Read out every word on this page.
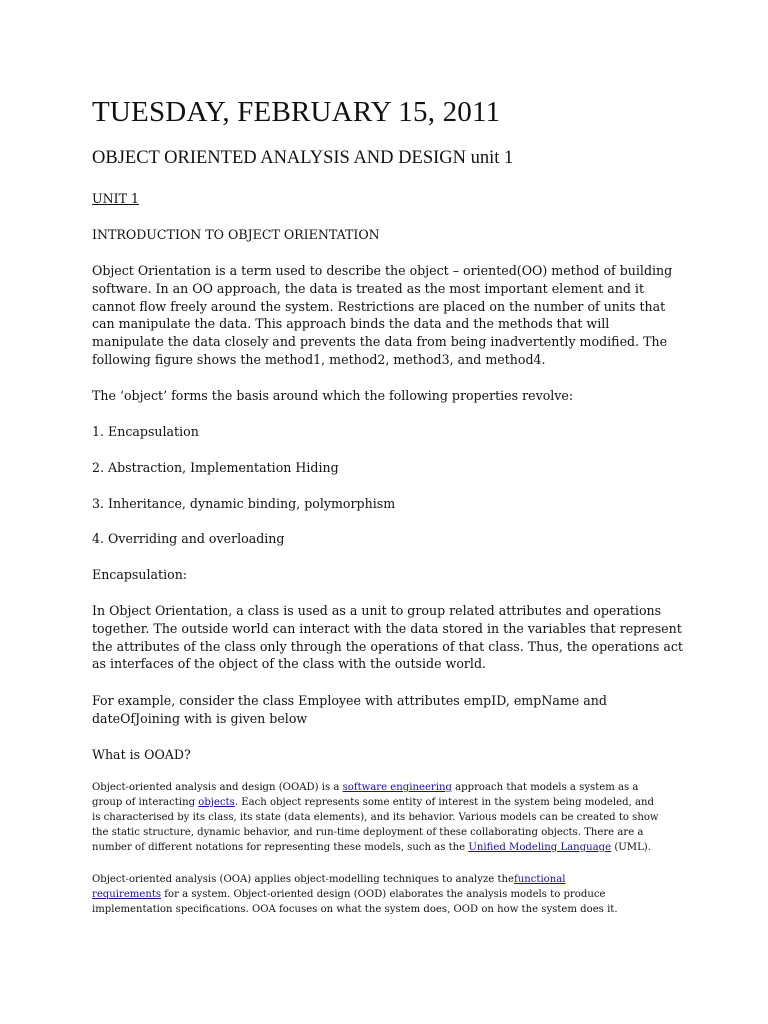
TUESDAY, FEBRUARY 15, 2011
OBJECT ORIENTED ANALYSIS AND DESIGN unit 1

UNIT 1

INTRODUCTION TO OBJECT ORIENTATION

Object Orientation is a term used to describe the object – oriented(OO) method of building
software. In an OO approach, the data is treated as the most important element and it
cannot flow freely around the system. Restrictions are placed on the number of units that
can manipulate the data. This approach binds the data and the methods that will
manipulate the data closely and prevents the data from being inadvertently modified. The
following figure shows the method1, method2, method3, and method4.

The ‘object’ forms the basis around which the following properties revolve:

1. Encapsulation

2. Abstraction, Implementation Hiding

3. Inheritance, dynamic binding, polymorphism

4. Overriding and overloading

Encapsulation:

In Object Orientation, a class is used as a unit to group related attributes and operations
together. The outside world can interact with the data stored in the variables that represent
the attributes of the class only through the operations of that class. Thus, the operations act
as interfaces of the object of the class with the outside world.
For example, consider the class Employee with attributes empID, empName and
dateOfJoining with is given below

What is OOAD?

Object-oriented analysis and design (OOAD) is a software engineering approach that models a system as a
group of interacting objects. Each object represents some entity of interest in the system being modeled, and
is characterised by its class, its state (data elements), and its behavior. Various models can be created to show
the static structure, dynamic behavior, and run-time deployment of these collaborating objects. There are a
number of different notations for representing these models, such as the Unified Modeling Language (UML).
Object-oriented analysis (OOA) applies object-modelling techniques to analyze thefunctional
requirements for a system. Object-oriented design (OOD) elaborates the analysis models to produce
implementation specifications. OOA focuses on what the system does, OOD on how the system does it.
